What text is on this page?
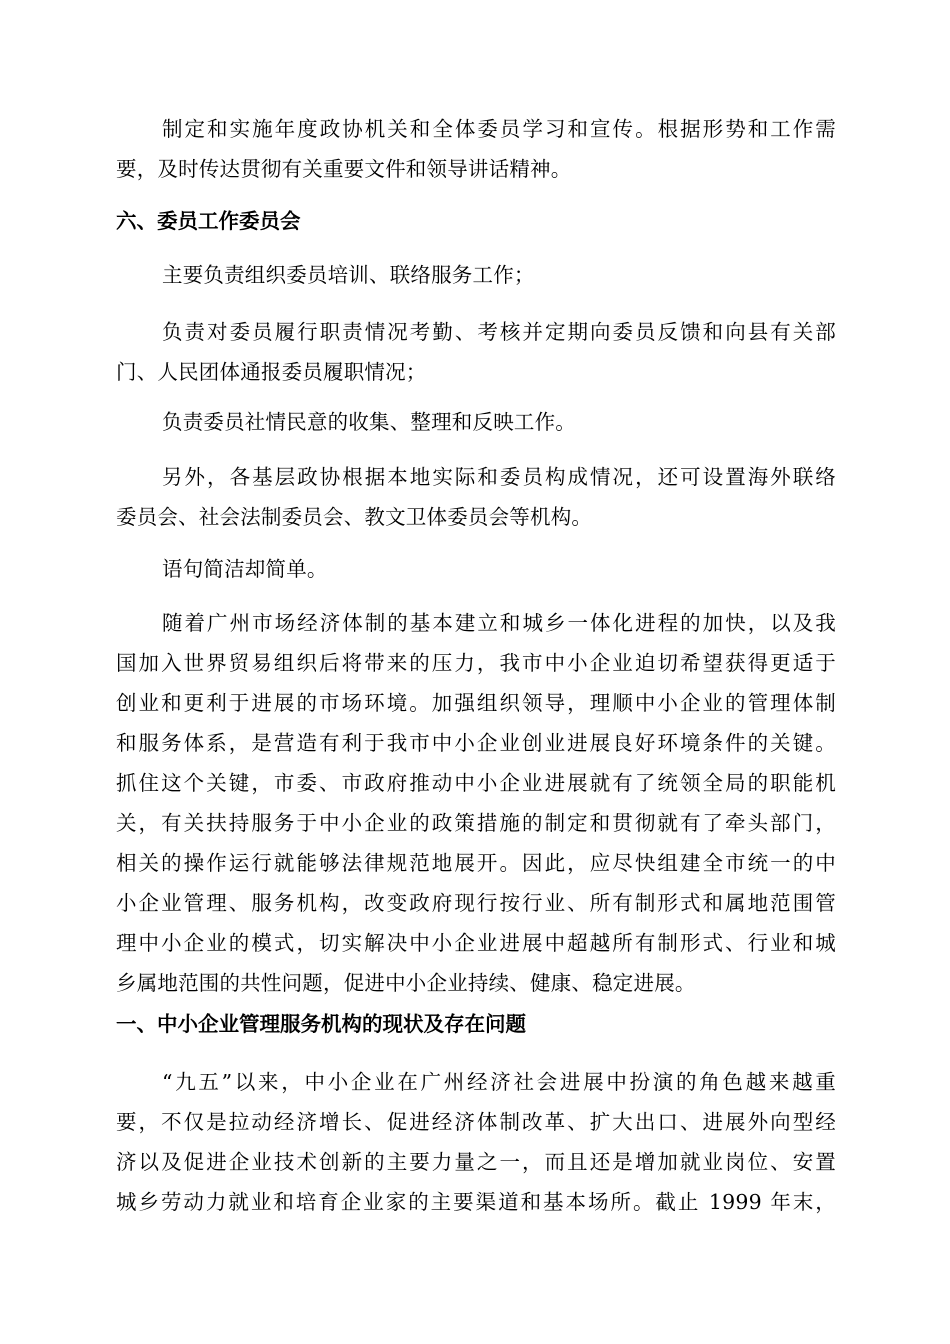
制定和实施年度政协机关和全体委员学习和宣传。根据形势和工作需
要，及时传达贯彻有关重要文件和领导讲话精神。
六、委员工作委员会
主要负责组织委员培训、联络服务工作；
负责对委员履行职责情况考勤、考核并定期向委员反馈和向县有关部
门、人民团体通报委员履职情况；
负责委员社情民意的收集、整理和反映工作。
另外，各基层政协根据本地实际和委员构成情况，还可设置海外联络
委员会、社会法制委员会、教文卫体委员会等机构。
语句简洁却简单。
随着广州市场经济体制的基本建立和城乡一体化进程的加快，以及我
国加入世界贸易组织后将带来的压力，我市中小企业迫切希望获得更适于
创业和更利于进展的市场环境。加强组织领导，理顺中小企业的管理体制
和服务体系，是营造有利于我市中小企业创业进展良好环境条件的关键。
抓住这个关键，市委、市政府推动中小企业进展就有了统领全局的职能机
关，有关扶持服务于中小企业的政策措施的制定和贯彻就有了牵头部门，
相关的操作运行就能够法律规范地展开。因此，应尽快组建全市统一的中
小企业管理、服务机构，改变政府现行按行业、所有制形式和属地范围管
理中小企业的模式，切实解决中小企业进展中超越所有制形式、行业和城
乡属地范围的共性问题，促进中小企业持续、健康、稳定进展。
一、中小企业管理服务机构的现状及存在问题
“九五”以来，中小企业在广州经济社会进展中扮演的角色越来越重
要，不仅是拉动经济增长、促进经济体制改革、扩大出口、进展外向型经
济以及促进企业技术创新的主要力量之一，而且还是增加就业岗位、安置
城乡劳动力就业和培育企业家的主要渠道和基本场所。截止 1999 年末，
